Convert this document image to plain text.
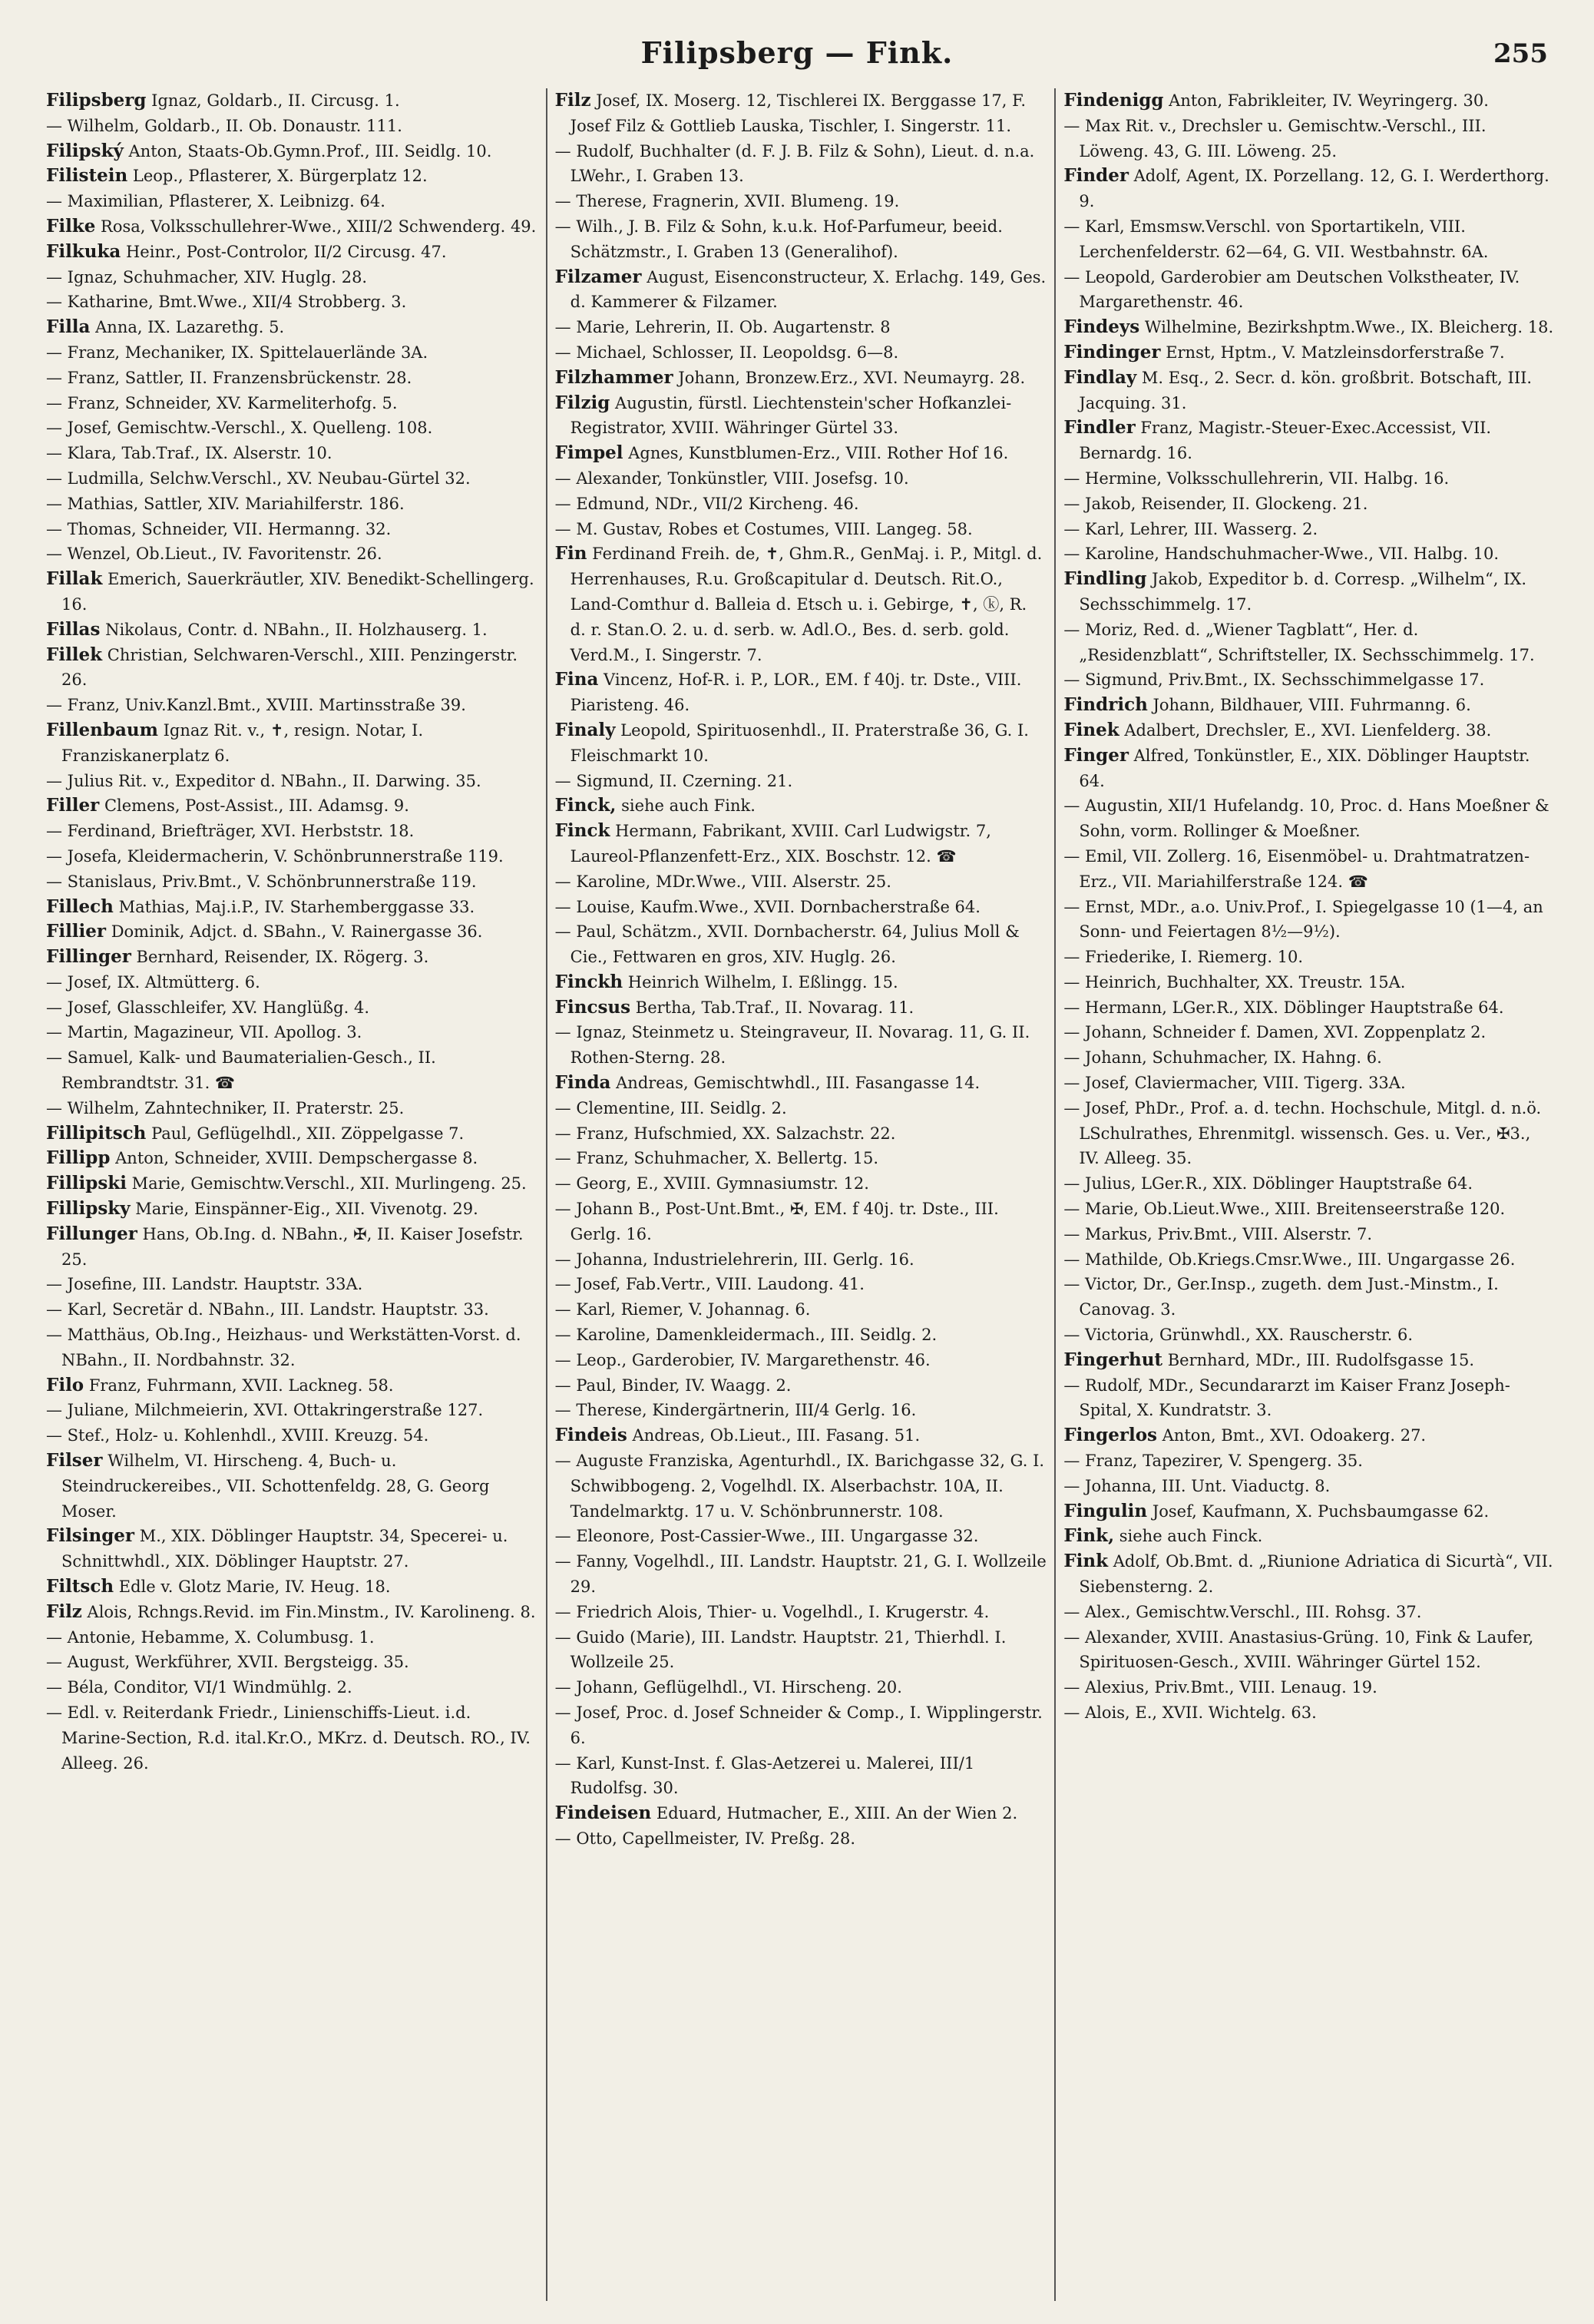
Filipsberg — Fink.	255

Filipsberg Ignaz, Goldarb., II. Circusg. 1.

— Wilhelm, Goldarb., II. Ob. Donaustr. 111.

Filipský Anton, Staats-Ob.Gymn.Prof., III. Seidlg. 10.

Filistein Leop., Pflasterer, X. Bürgerplatz 12.

— Maximilian, Pflasterer, X. Leibnizg. 64.

Filke Rosa, Volksschullehrer-Wwe., XIII/2 Schwenderg. 49.

Filkuka Heinr., Post-Controlor, II/2 Circusg. 47.

— Ignaz, Schuhmacher, XIV. Huglg. 28.

— Katharine, Bmt.Wwe., XII/4 Strobberg. 3.

Filla Anna, IX. Lazarethg. 5.

— Franz, Mechaniker, IX. Spittelauerlände 3A.

— Franz, Sattler, II. Franzensbrückenstr. 28.

— Franz, Schneider, XV. Karmeliterhofg. 5.

— Josef, Gemischtw.-Verschl., X. Quelleng. 108.

— Klara, Tab.Traf., IX. Alserstr. 10.

— Ludmilla, Selchw.Verschl., XV. Neubau-Gürtel 32.

— Mathias, Sattler, XIV. Mariahilferstr. 186.

— Thomas, Schneider, VII. Hermanng. 32.

— Wenzel, Ob.Lieut., IV. Favoritenstr. 26.

Fillak Emerich, Sauerkräutler, XIV. Benedikt-Schellingerg. 16.

Fillas Nikolaus, Contr. d. NBahn., II. Holzhauserg. 1.

Fillek Christian, Selchwaren-Verschl., XIII. Penzingerstr. 26.

— Franz, Univ.Kanzl.Bmt., XVIII. Martinsstraße 39.

Fillenbaum Ignaz Rit. v., ✝, resign. Notar, I. Franziskanerplatz 6.

— Julius Rit. v., Expeditor d. NBahn., II. Darwing. 35.

Filler Clemens, Post-Assist., III. Adamsg. 9.

— Ferdinand, Briefträger, XVI. Herbststr. 18.

— Josefa, Kleidermacherin, V. Schönbrunnerstraße 119.

— Stanislaus, Priv.Bmt., V. Schönbrunnerstraße 119.

Fillech Mathias, Maj.i.P., IV. Starhemberggasse 33.

Fillier Dominik, Adjct. d. SBahn., V. Rainergasse 36.

Fillinger Bernhard, Reisender, IX. Rögerg. 3.

— Josef, IX. Altmütterg. 6.

— Josef, Glasschleifer, XV. Hanglüßg. 4.

— Martin, Magazineur, VII. Apollog. 3.

— Samuel, Kalk- und Baumaterialien-Gesch., II. Rembrandtstr. 31. ☎

— Wilhelm, Zahntechniker, II. Praterstr. 25.

Fillipitsch Paul, Geflügelhdl., XII. Zöppelgasse 7.

Fillipp Anton, Schneider, XVIII. Dempschergasse 8.

Fillipski Marie, Gemischtw.Verschl., XII. Murlingeng. 25.

Fillipsky Marie, Einspänner-Eig., XII. Vivenotg. 29.

Fillunger Hans, Ob.Ing. d. NBahn., ✠, II. Kaiser Josefstr. 25.

— Josefine, III. Landstr. Hauptstr. 33A.

— Karl, Secretär d. NBahn., III. Landstr. Hauptstr. 33.

— Matthäus, Ob.Ing., Heizhaus- und Werkstätten-Vorst. d. NBahn., II. Nordbahnstr. 32.

Filo Franz, Fuhrmann, XVII. Lackneg. 58.

— Juliane, Milchmeierin, XVI. Ottakringerstraße 127.

— Stef., Holz- u. Kohlenhdl., XVIII. Kreuzg. 54.

Filser Wilhelm, VI. Hirscheng. 4, Buch- u. Steindruckereibes., VII. Schottenfeldg. 28, G. Georg Moser.

Filsinger M., XIX. Döblinger Hauptstr. 34, Specerei- u. Schnittwhdl., XIX. Döblinger Hauptstr. 27.

Filtsch Edle v. Glotz Marie, IV. Heug. 18.

Filz Alois, Rchngs.Revid. im Fin.Minstm., IV. Karolineng. 8.

— Antonie, Hebamme, X. Columbusg. 1.

— August, Werkführer, XVII. Bergsteigg. 35.

— Béla, Conditor, VI/1 Windmühlg. 2.

— Edl. v. Reiterdank Friedr., Linienschiffs-Lieut. i.d. Marine-Section, R.d. ital.Kr.O., MKrz. d. Deutsch. RO., IV. Alleeg. 26.

Filz Josef, IX. Moserg. 12, Tischlerei IX. Berggasse 17, F. Josef Filz & Gottlieb Lauska, Tischler, I. Singerstr. 11.

— Rudolf, Buchhalter (d. F. J. B. Filz & Sohn), Lieut. d. n.a. LWehr., I. Graben 13.

— Therese, Fragnerin, XVII. Blumeng. 19.

— Wilh., J. B. Filz & Sohn, k.u.k. Hof-Parfumeur, beeid. Schätzmstr., I. Graben 13 (Generalihof).

Filzamer August, Eisenconstructeur, X. Erlachg. 149, Ges. d. Kammerer & Filzamer.

— Marie, Lehrerin, II. Ob. Augartenstr. 8

— Michael, Schlosser, II. Leopoldsg. 6—8.

Filzhammer Johann, Bronzew.Erz., XVI. Neumayrg. 28.

Filzig Augustin, fürstl. Liechtenstein'scher Hofkanzlei-Registrator, XVIII. Währinger Gürtel 33.

Fimpel Agnes, Kunstblumen-Erz., VIII. Rother Hof 16.

— Alexander, Tonkünstler, VIII. Josefsg. 10.

— Edmund, NDr., VII/2 Kircheng. 46.

— M. Gustav, Robes et Costumes, VIII. Langeg. 58.

Fin Ferdinand Freih. de, ✝, Ghm.R., GenMaj. i. P., Mitgl. d. Herrenhauses, R.u. Großcapitular d. Deutsch. Rit.O., Land-Comthur d. Balleia d. Etsch u. i. Gebirge, ✝, ⓚ, R. d. r. Stan.O. 2. u. d. serb. w. Adl.O., Bes. d. serb. gold. Verd.M., I. Singerstr. 7.

Fina Vincenz, Hof-R. i. P., LOR., EM. f 40j. tr. Dste., VIII. Piaristeng. 46.

Finaly Leopold, Spirituosenhdl., II. Praterstraße 36, G. I. Fleischmarkt 10.

— Sigmund, II. Czerning. 21.

Finck, siehe auch Fink.

Finck Hermann, Fabrikant, XVIII. Carl Ludwigstr. 7, Laureol-Pflanzenfett-Erz., XIX. Boschstr. 12. ☎

— Karoline, MDr.Wwe., VIII. Alserstr. 25.

— Louise, Kaufm.Wwe., XVII. Dornbacherstraße 64.

— Paul, Schätzm., XVII. Dornbacherstr. 64, Julius Moll & Cie., Fettwaren en gros, XIV. Huglg. 26.

Finckh Heinrich Wilhelm, I. Eßlingg. 15.

Fincsus Bertha, Tab.Traf., II. Novarag. 11.

— Ignaz, Steinmetz u. Steingraveur, II. Novarag. 11, G. II. Rothen-Sterng. 28.

Finda Andreas, Gemischtwhdl., III. Fasangasse 14.

— Clementine, III. Seidlg. 2.

— Franz, Hufschmied, XX. Salzachstr. 22.

— Franz, Schuhmacher, X. Bellertg. 15.

— Georg, E., XVIII. Gymnasiumstr. 12.

— Johann B., Post-Unt.Bmt., ✠, EM. f 40j. tr. Dste., III. Gerlg. 16.

— Johanna, Industrielehrerin, III. Gerlg. 16.

— Josef, Fab.Vertr., VIII. Laudong. 41.

— Karl, Riemer, V. Johannag. 6.

— Karoline, Damenkleidermach., III. Seidlg. 2.

— Leop., Garderobier, IV. Margarethenstr. 46.

— Paul, Binder, IV. Waagg. 2.

— Therese, Kindergärtnerin, III/4 Gerlg. 16.

Findeis Andreas, Ob.Lieut., III. Fasang. 51.

— Auguste Franziska, Agenturhdl., IX. Barichgasse 32, G. I. Schwibbogeng. 2, Vogelhdl. IX. Alserbachstr. 10A, II. Tandelmarktg. 17 u. V. Schönbrunnerstr. 108.

— Eleonore, Post-Cassier-Wwe., III. Ungargasse 32.

— Fanny, Vogelhdl., III. Landstr. Hauptstr. 21, G. I. Wollzeile 29.

— Friedrich Alois, Thier- u. Vogelhdl., I. Krugerstr. 4.

— Guido (Marie), III. Landstr. Hauptstr. 21, Thierhdl. I. Wollzeile 25.

— Johann, Geflügelhdl., VI. Hirscheng. 20.

— Josef, Proc. d. Josef Schneider & Comp., I. Wipplingerstr. 6.

— Karl, Kunst-Inst. f. Glas-Aetzerei u. Malerei, III/1 Rudolfsg. 30.

Findeisen Eduard, Hutmacher, E., XIII. An der Wien 2.

— Otto, Capellmeister, IV. Preßg. 28.

Findenigg Anton, Fabrikleiter, IV. Weyringerg. 30.

— Max Rit. v., Drechsler u. Gemischtw.-Verschl., III. Löweng. 43, G. III. Löweng. 25.

Finder Adolf, Agent, IX. Porzellang. 12, G. I. Werderthorg. 9.

— Karl, Emsmsw.Verschl. von Sportartikeln, VIII. Lerchenfelderstr. 62—64, G. VII. Westbahnstr. 6A.

— Leopold, Garderobier am Deutschen Volkstheater, IV. Margarethenstr. 46.

Findeys Wilhelmine, Bezirkshptm.Wwe., IX. Bleicherg. 18.

Findinger Ernst, Hptm., V. Matzleinsdorferstraße 7.

Findlay M. Esq., 2. Secr. d. kön. großbrit. Botschaft, III. Jacquing. 31.

Findler Franz, Magistr.-Steuer-Exec.Accessist, VII. Bernardg. 16.

— Hermine, Volksschullehrerin, VII. Halbg. 16.

— Jakob, Reisender, II. Glockeng. 21.

— Karl, Lehrer, III. Wasserg. 2.

— Karoline, Handschuhmacher-Wwe., VII. Halbg. 10.

Findling Jakob, Expeditor b. d. Corresp. „Wilhelm“, IX. Sechsschimmelg. 17.

— Moriz, Red. d. „Wiener Tagblatt“, Her. d. „Residenzblatt“, Schriftsteller, IX. Sechsschimmelg. 17.

— Sigmund, Priv.Bmt., IX. Sechsschimmelgasse 17.

Findrich Johann, Bildhauer, VIII. Fuhrmanng. 6.

Finek Adalbert, Drechsler, E., XVI. Lienfelderg. 38.

Finger Alfred, Tonkünstler, E., XIX. Döblinger Hauptstr. 64.

— Augustin, XII/1 Hufelandg. 10, Proc. d. Hans Moeßner & Sohn, vorm. Rollinger & Moeßner.

— Emil, VII. Zollerg. 16, Eisenmöbel- u. Drahtmatratzen-Erz., VII. Mariahilferstraße 124. ☎

— Ernst, MDr., a.o. Univ.Prof., I. Spiegelgasse 10 (1—4, an Sonn- und Feiertagen 8½—9½).

— Friederike, I. Riemerg. 10.

— Heinrich, Buchhalter, XX. Treustr. 15A.

— Hermann, LGer.R., XIX. Döblinger Hauptstraße 64.

— Johann, Schneider f. Damen, XVI. Zoppenplatz 2.

— Johann, Schuhmacher, IX. Hahng. 6.

— Josef, Claviermacher, VIII. Tigerg. 33A.

— Josef, PhDr., Prof. a. d. techn. Hochschule, Mitgl. d. n.ö. LSchulrathes, Ehrenmitgl. wissensch. Ges. u. Ver., ✠3., IV. Alleeg. 35.

— Julius, LGer.R., XIX. Döblinger Hauptstraße 64.

— Marie, Ob.Lieut.Wwe., XIII. Breitenseerstraße 120.

— Markus, Priv.Bmt., VIII. Alserstr. 7.

— Mathilde, Ob.Kriegs.Cmsr.Wwe., III. Ungargasse 26.

— Victor, Dr., Ger.Insp., zugeth. dem Just.-Minstm., I. Canovag. 3.

— Victoria, Grünwhdl., XX. Rauscherstr. 6.

Fingerhut Bernhard, MDr., III. Rudolfsgasse 15.

— Rudolf, MDr., Secundararzt im Kaiser Franz Joseph-Spital, X. Kundratstr. 3.

Fingerlos Anton, Bmt., XVI. Odoakerg. 27.

— Franz, Tapezirer, V. Spengerg. 35.

— Johanna, III. Unt. Viaductg. 8.

Fingulin Josef, Kaufmann, X. Puchsbaumgasse 62.

Fink, siehe auch Finck.

Fink Adolf, Ob.Bmt. d. „Riunione Adriatica di Sicurtà“, VII. Siebensterng. 2.

— Alex., Gemischtw.Verschl., III. Rohsg. 37.

— Alexander, XVIII. Anastasius-Grüng. 10, Fink & Laufer, Spirituosen-Gesch., XVIII. Währinger Gürtel 152.

— Alexius, Priv.Bmt., VIII. Lenaug. 19.

— Alois, E., XVII. Wichtelg. 63.
